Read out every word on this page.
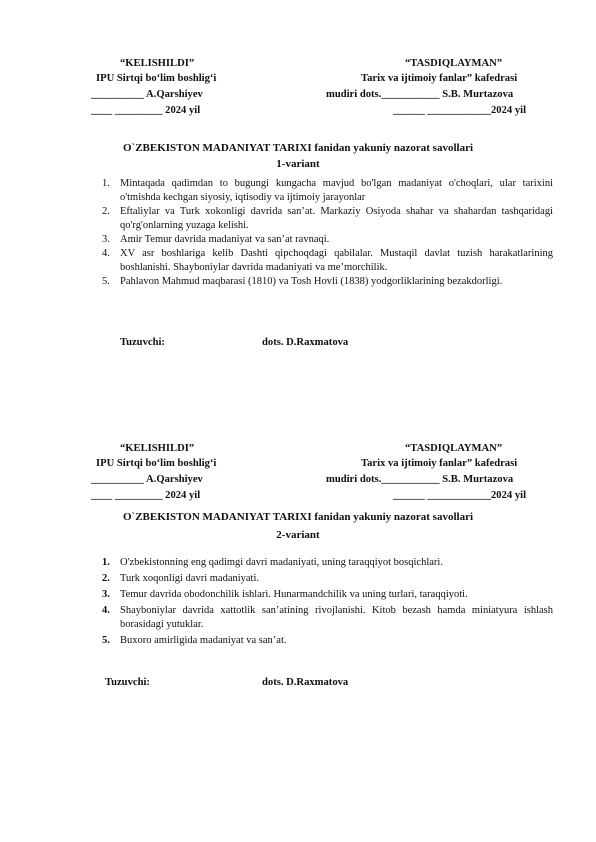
“KELISHILDI”
IPU Sirtqi bo‘lim boshlig‘i
__________ A.Qarshiyev
____ _________ 2024 yil
“TASDIQLAYMAN”
Tarix va ijtimoiy fanlar” kafedrasi
mudiri dots.___________ S.B. Murtazova
______ ____________2024 yil
O`ZBEKISTON MADANIYAT TARIXI fanidan yakuniy nazorat savollari
1-variant
1. Mintaqada qadimdan to bugungi kungacha mavjud bo'lgan madaniyat o'choqlari, ular tarixini o'tmishda kechgan siyosiy, iqtisodiy va ijtimoiy jarayonlar
2. Eftaliylar va Turk xokonligi davrida san’at. Markaziy Osiyoda shahar va shahardan tashqaridagi qo'rg'onlarning yuzaga kelishi.
3. Amir Temur davrida madaniyat va san’at ravnaqi.
4. XV asr boshlariga kelib Dashti qipchoqdagi qabilalar. Mustaqil davlat tuzish harakatlarining boshlanishi. Shayboniylar davrida madaniyati va me’morchilik.
5. Pahlavon Mahmud maqbarasi (1810) va Tosh Hovli (1838) yodgorliklarining bezakdorligi.
Tuzuvchi:	dots. D.Raxmatova
“KELISHILDI”
IPU Sirtqi bo‘lim boshlig‘i
__________ A.Qarshiyev
____ _________ 2024 yil
“TASDIQLAYMAN”
Tarix va ijtimoiy fanlar” kafedrasi
mudiri dots.___________ S.B. Murtazova
______ ____________2024 yil
O`ZBEKISTON MADANIYAT TARIXI fanidan yakuniy nazorat savollari
2-variant
1. O'zbekistonning eng qadimgi davri madaniyati, uning taraqqiyot bosqichlari.
2. Turk xoqonligi davri madaniyati.
3. Temur davrida obodonchilik ishlari. Hunarmandchilik va uning turlari, taraqqiyoti.
4. Shayboniylar davrida xattotlik san’atining rivojlanishi. Kitob bezash hamda miniatyura ishlash borasidagi yutuklar.
5. Buxoro amirligida madaniyat va san’at.
Tuzuvchi:	dots. D.Raxmatova
